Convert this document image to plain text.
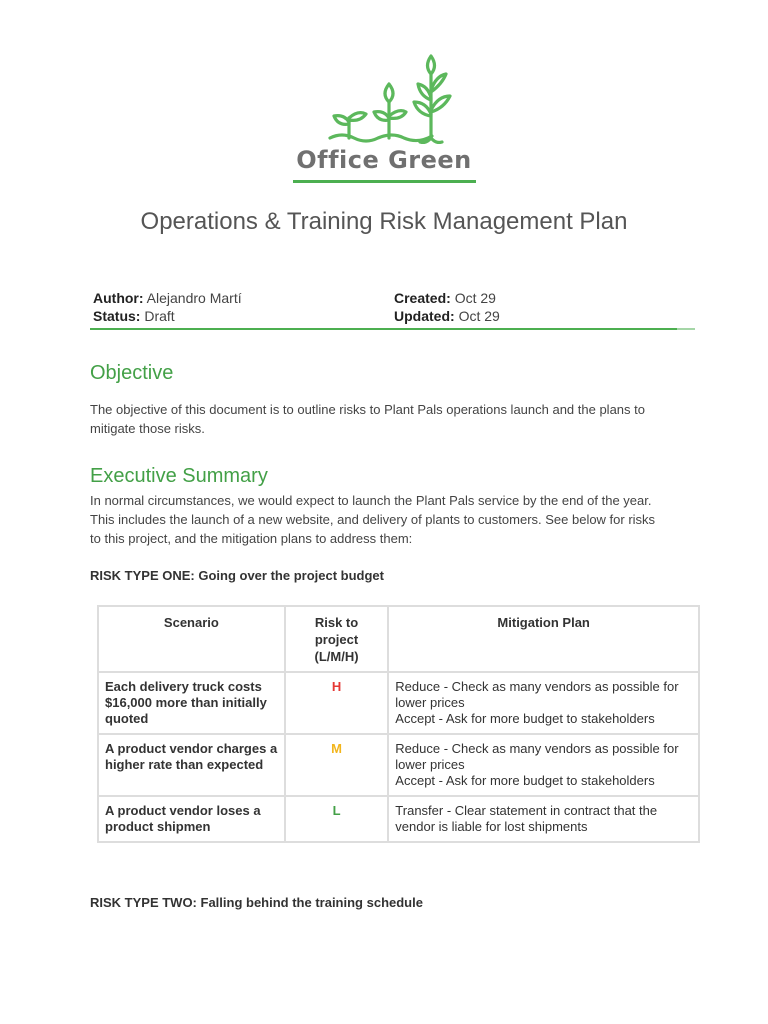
Office Green
Operations & Training Risk Management Plan
Author: Alejandro Martí	Created: Oct 29
Status: Draft	Updated: Oct 29
Objective
The objective of this document is to outline risks to Plant Pals operations launch and the plans to mitigate those risks.
Executive Summary
In normal circumstances, we would expect to launch the Plant Pals service by the end of the year. This includes the launch of a new website, and delivery of plants to customers. See below for risks to this project, and the mitigation plans to address them:
RISK TYPE ONE: Going over the project budget
Scenario	Risk to project (L/M/H)	Mitigation Plan
Each delivery truck costs $16,000 more than initially quoted	H	Reduce - Check as many vendors as possible for lower prices
Accept - Ask for more budget to stakeholders

A product vendor charges a higher rate than expected	M	Reduce - Check as many vendors as possible for lower prices
Accept - Ask for more budget to stakeholders

A product vendor loses a product shipmen	L	Transfer - Clear statement in contract that the vendor is liable for lost shipments
RISK TYPE TWO: Falling behind the training schedule
